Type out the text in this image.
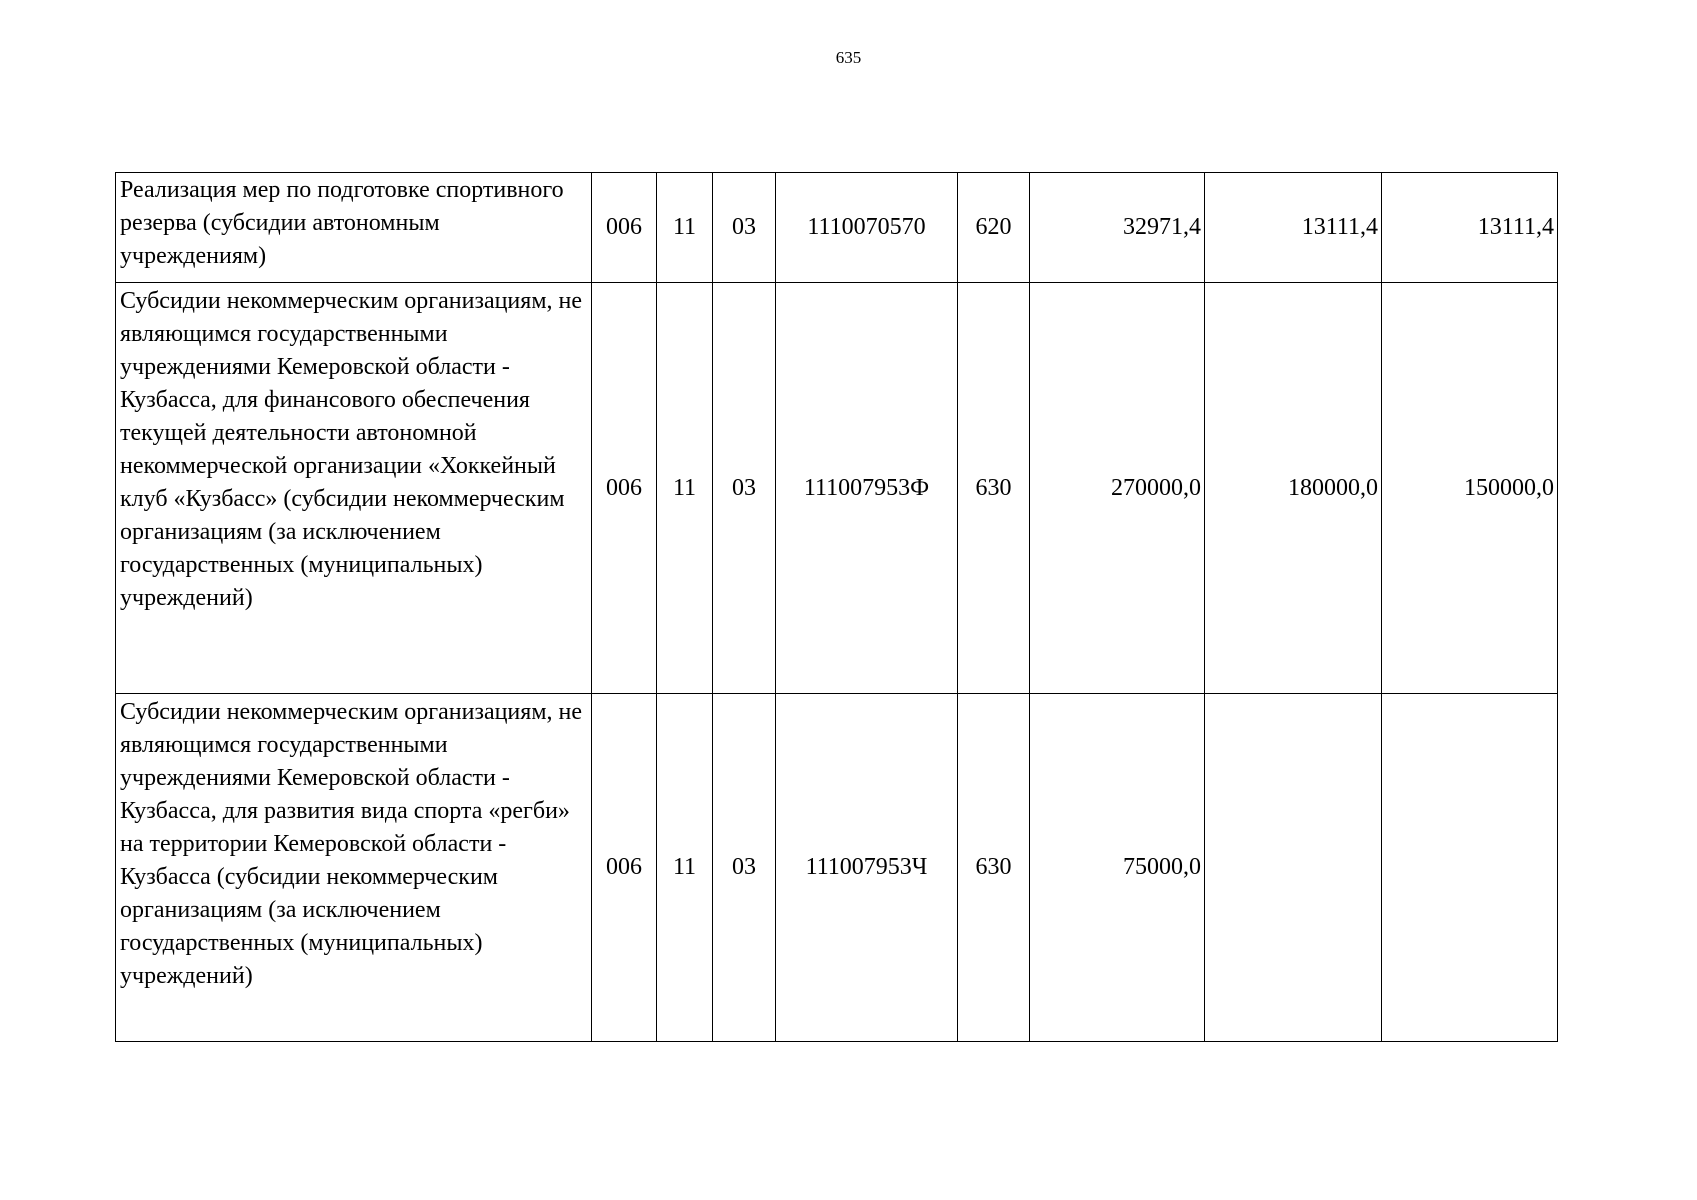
635
Реализация мер по подготовке спортивного резерва (субсидии автономным учреждениям)	006	11	03	1110070570	620	32971,4	13111,4	13111,4
Субсидии некоммерческим организациям, не являющимся государственными учреждениями Кемеровской области - Кузбасса, для финансового обеспечения текущей деятельности автономной некоммерческой организации «Хоккейный клуб «Кузбасс» (субсидии некоммерческим организациям (за исключением государственных (муниципальных) учреждений)	006	11	03	111007953Ф	630	270000,0	180000,0	150000,0
Субсидии некоммерческим организациям, не являющимся государственными учреждениями Кемеровской области - Кузбасса, для развития вида спорта «регби» на территории Кемеровской области - Кузбасса (субсидии некоммерческим организациям (за исключением государственных (муниципальных) учреждений)	006	11	03	111007953Ч	630	75000,0		
